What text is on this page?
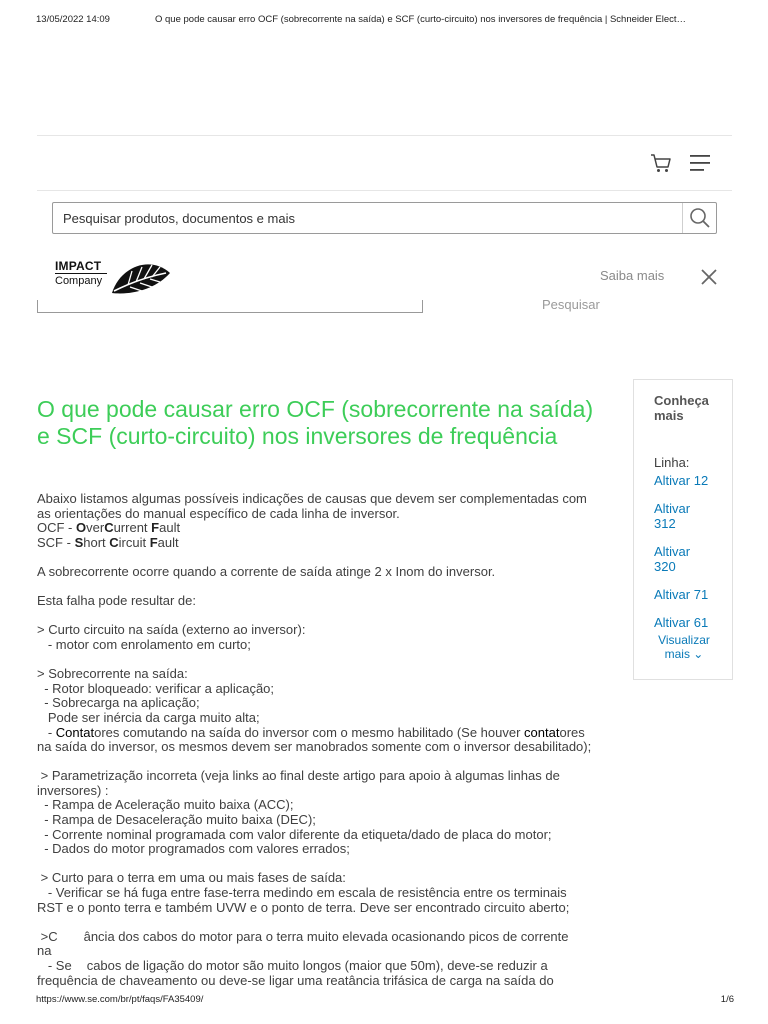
13/05/2022 14:09	O que pode causar erro OCF (sobrecorrente na saída) e SCF (curto-circuito) nos inversores de frequência | Schneider Elect…
Pesquisar produtos, documentos e mais
IMPACT
Company	Saiba mais
Pesquisar
O que pode causar erro OCF (sobrecorrente na saída) e SCF (curto-circuito) nos inversores de frequência
Abaixo listamos algumas possíveis indicações de causas que devem ser complementadas com
as orientações do manual específico de cada linha de inversor.
OCF - OverCurrent Fault
SCF - Short Circuit Fault
A sobrecorrente ocorre quando a corrente de saída atinge 2 x Inom do inversor.
Esta falha pode resultar de:
> Curto circuito na saída (externo ao inversor):
- motor com enrolamento em curto;
> Sobrecorrente na saída:
- Rotor bloqueado: verificar a aplicação;
- Sobrecarga na aplicação;
Pode ser inércia da carga muito alta;
- Contatores comutando na saída do inversor com o mesmo habilitado (Se houver contatores
na saída do inversor, os mesmos devem ser manobrados somente com o inversor desabilitado);
> Parametrização incorreta (veja links ao final deste artigo para apoio à algumas linhas de
inversores) :
- Rampa de Aceleração muito baixa (ACC);
- Rampa de Desaceleração muito baixa (DEC);
- Corrente nominal programada com valor diferente da etiqueta/dado de placa do motor;
- Dados do motor programados com valores errados;
> Curto para o terra em uma ou mais fases de saída:
- Verificar se há fuga entre fase-terra medindo em escala de resistência entre os terminais
RST e o ponto terra e também UVW e o ponto de terra. Deve ser encontrado circuito aberto;
>C ância dos cabos do motor para o terra muito elevada ocasionando picos de corrente
na
- Se cabos de ligação do motor são muito longos (maior que 50m), deve-se reduzir a
frequência de chaveamento ou deve-se ligar uma reatância trifásica de carga na saída do
Conheça
mais
Linha:
Altivar 12
Altivar
312
Altivar
320
Altivar 71
Altivar 61
Visualizar
mais ⌄
https://www.se.com/br/pt/faqs/FA35409/	1/6
